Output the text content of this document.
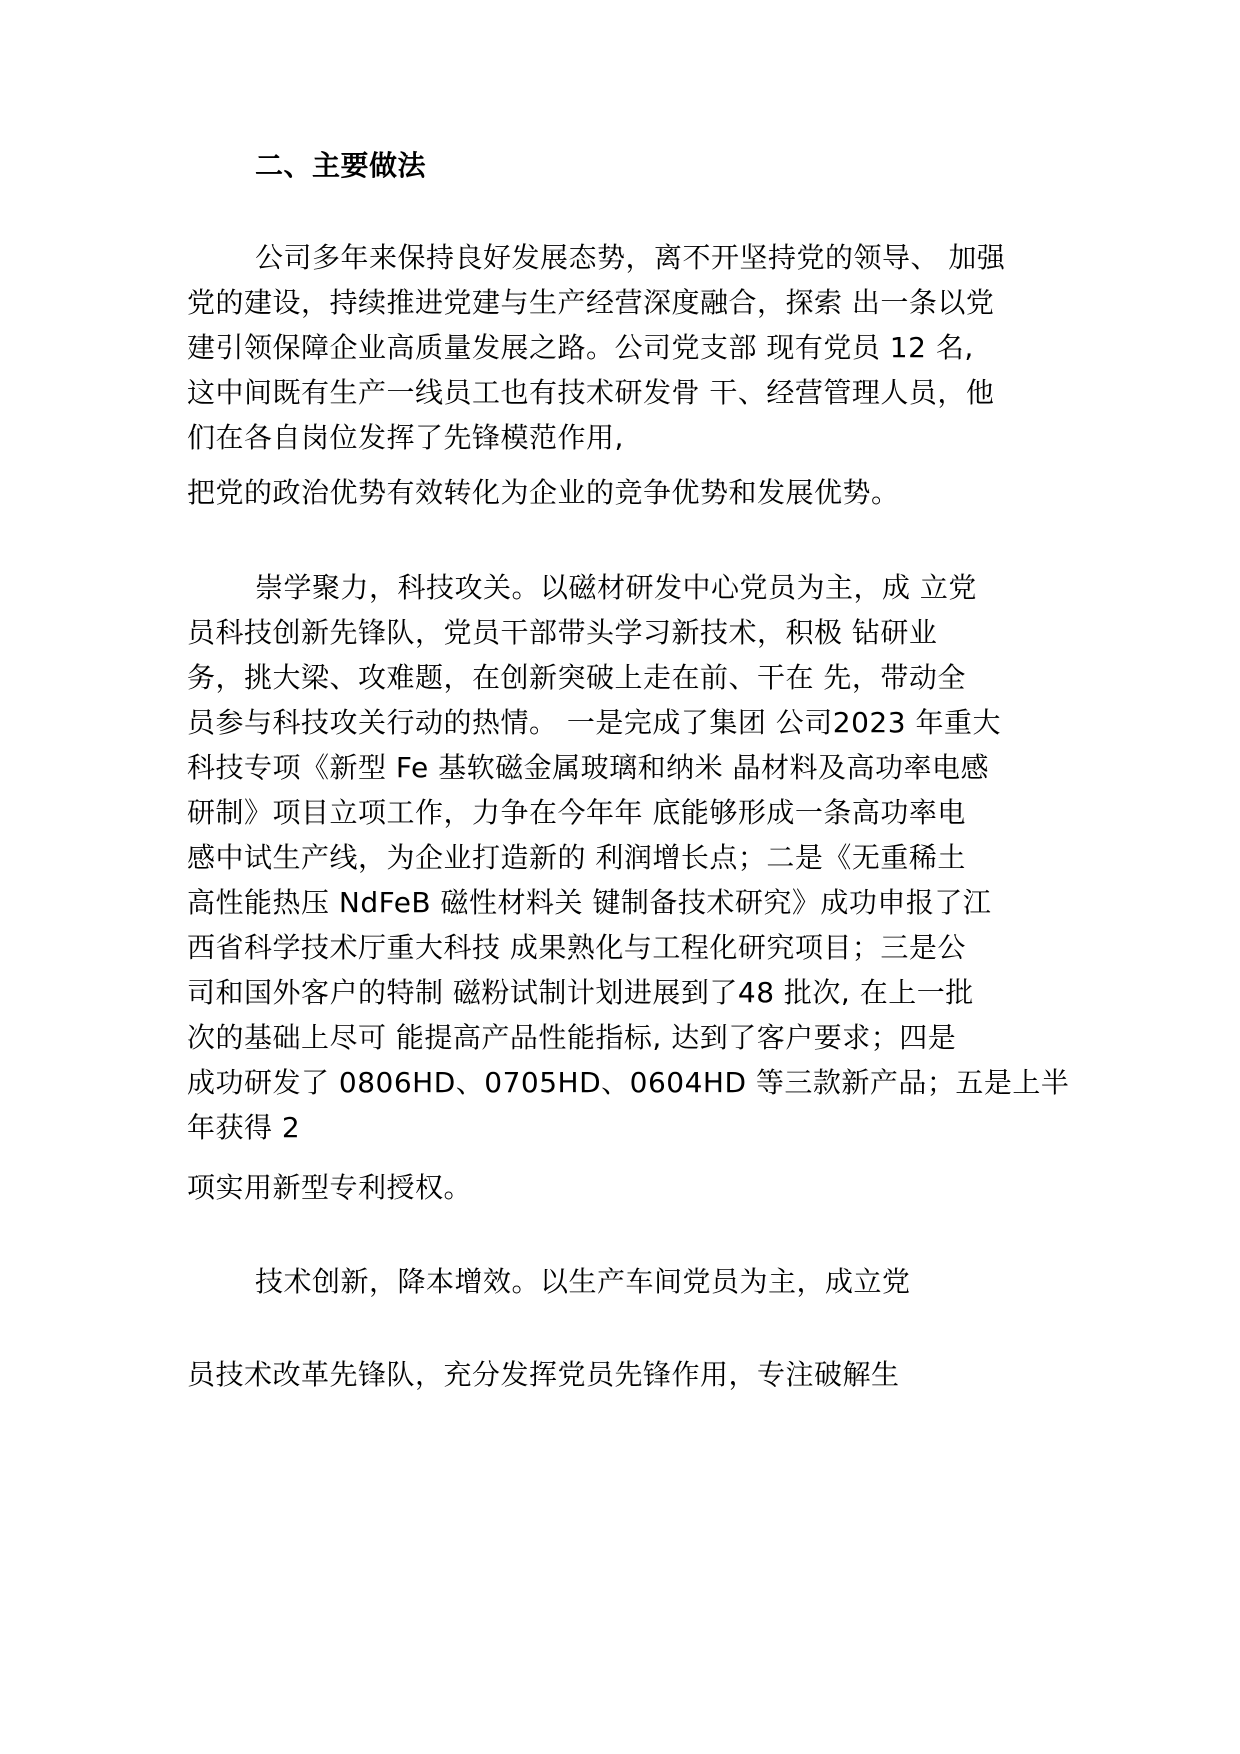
二、主要做法
公司多年来保持良好发展态势，离不开坚持党的领导、 加强
党的建设，持续推进党建与生产经营深度融合，探索 出一条以党
建引领保障企业高质量发展之路。公司党支部 现有党员 12 名,
这中间既有生产一线员工也有技术研发骨 干、经营管理人员，他
们在各自岗位发挥了先锋模范作用,
把党的政治优势有效转化为企业的竞争优势和发展优势。
崇学聚力，科技攻关。以磁材研发中心党员为主，成 立党
员科技创新先锋队，党员干部带头学习新技术，积极 钻研业
务，挑大梁、攻难题，在创新突破上走在前、干在 先，带动全
员参与科技攻关行动的热情。 一是完成了集团 公司2023 年重大
科技专项《新型 Fe 基软磁金属玻璃和纳米 晶材料及高功率电感
研制》项目立项工作，力争在今年年 底能够形成一条高功率电
感中试生产线，为企业打造新的 利润增长点；二是《无重稀土
高性能热压 NdFeB 磁性材料关 键制备技术研究》成功申报了江
西省科学技术厅重大科技 成果熟化与工程化研究项目；三是公
司和国外客户的特制 磁粉试制计划进展到了48 批次, 在上一批
次的基础上尽可 能提高产品性能指标, 达到了客户要求；四是
成功研发了 0806HD、0705HD、0604HD 等三款新产品；五是上半
年获得 2
项实用新型专利授权。
技术创新，降本增效。以生产车间党员为主，成立党
员技术改革先锋队，充分发挥党员先锋作用，专注破解生
